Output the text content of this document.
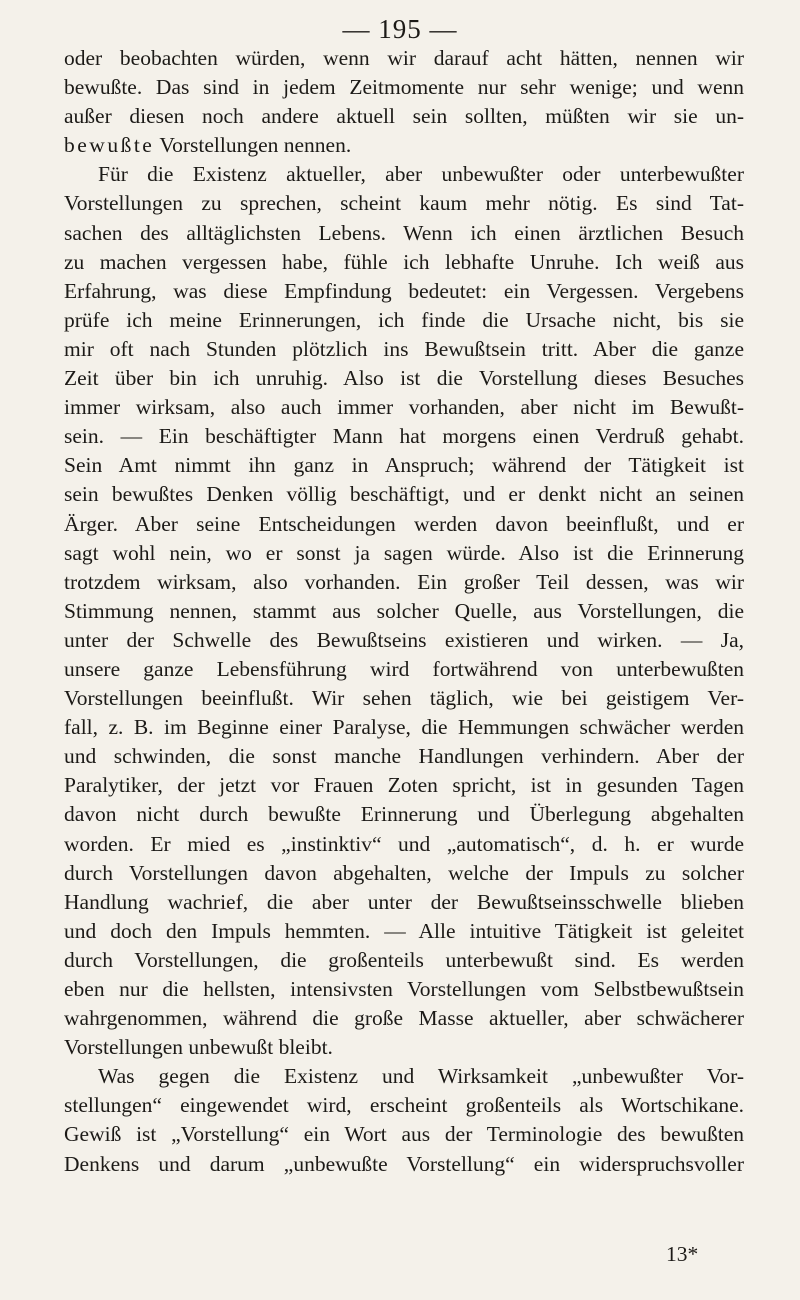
— 195 —
oder beobachten würden, wenn wir darauf acht hätten, nennen wir
bewußte. Das sind in jedem Zeitmomente nur sehr wenige; und wenn
außer diesen noch andere aktuell sein sollten, müßten wir sie un-
bewußte Vorstellungen nennen.
Für die Existenz aktueller, aber unbewußter oder unterbewußter
Vorstellungen zu sprechen, scheint kaum mehr nötig. Es sind Tat-
sachen des alltäglichsten Lebens. Wenn ich einen ärztlichen Besuch
zu machen vergessen habe, fühle ich lebhafte Unruhe. Ich weiß aus
Erfahrung, was diese Empfindung bedeutet: ein Vergessen. Vergebens
prüfe ich meine Erinnerungen, ich finde die Ursache nicht, bis sie
mir oft nach Stunden plötzlich ins Bewußtsein tritt. Aber die ganze
Zeit über bin ich unruhig. Also ist die Vorstellung dieses Besuches
immer wirksam, also auch immer vorhanden, aber nicht im Bewußt-
sein. — Ein beschäftigter Mann hat morgens einen Verdruß gehabt.
Sein Amt nimmt ihn ganz in Anspruch; während der Tätigkeit ist
sein bewußtes Denken völlig beschäftigt, und er denkt nicht an seinen
Ärger. Aber seine Entscheidungen werden davon beeinflußt, und er
sagt wohl nein, wo er sonst ja sagen würde. Also ist die Erinnerung
trotzdem wirksam, also vorhanden. Ein großer Teil dessen, was wir
Stimmung nennen, stammt aus solcher Quelle, aus Vorstellungen, die
unter der Schwelle des Bewußtseins existieren und wirken. — Ja,
unsere ganze Lebensführung wird fortwährend von unterbewußten
Vorstellungen beeinflußt. Wir sehen täglich, wie bei geistigem Ver-
fall, z. B. im Beginne einer Paralyse, die Hemmungen schwächer werden
und schwinden, die sonst manche Handlungen verhindern. Aber der
Paralytiker, der jetzt vor Frauen Zoten spricht, ist in gesunden Tagen
davon nicht durch bewußte Erinnerung und Überlegung abgehalten
worden. Er mied es „instinktiv“ und „automatisch“, d. h. er wurde
durch Vorstellungen davon abgehalten, welche der Impuls zu solcher
Handlung wachrief, die aber unter der Bewußtseinsschwelle blieben
und doch den Impuls hemmten. — Alle intuitive Tätigkeit ist geleitet
durch Vorstellungen, die großenteils unterbewußt sind. Es werden
eben nur die hellsten, intensivsten Vorstellungen vom Selbstbewußtsein
wahrgenommen, während die große Masse aktueller, aber schwächerer
Vorstellungen unbewußt bleibt.
Was gegen die Existenz und Wirksamkeit „unbewußter Vor-
stellungen“ eingewendet wird, erscheint großenteils als Wortschikane.
Gewiß ist „Vorstellung“ ein Wort aus der Terminologie des bewußten
Denkens und darum „unbewußte Vorstellung“ ein widerspruchsvoller
13*
